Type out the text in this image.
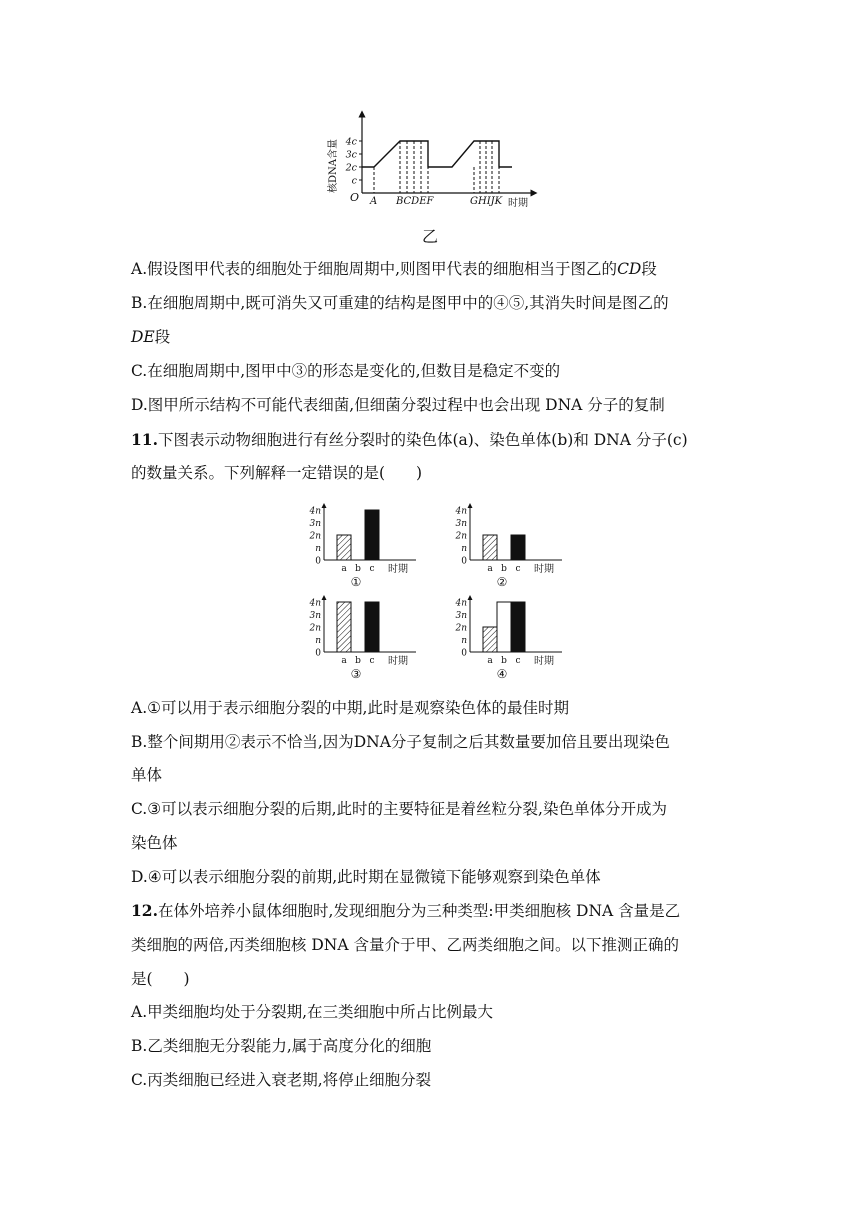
核DNA含量 4c
3c
2c
c
O A BCDEF	GHIJK 时期
乙
A.假设图甲代表的细胞处于细胞周期中,则图甲代表的细胞相当于图乙的CD段
B.在细胞周期中,既可消失又可重建的结构是图甲中的④⑤,其消失时间是图乙的
DE段
C.在细胞周期中,图甲中③的形态是变化的,但数目是稳定不变的
D.图甲所示结构不可能代表细菌,但细菌分裂过程中也会出现 DNA 分子的复制
11.下图表示动物细胞进行有丝分裂时的染色体(a)、染色单体(b)和 DNA 分子(c)
的数量关系。下列解释一定错误的是(　　)
4n
3n
2n
n
0
a b c 时期
①
4n
3n
2n
n
0
a b c 时期
②
4n
3n
2n
n
0
a b c 时期
③
4n
3n
2n
n
0
a b c 时期
④
A.①可以用于表示细胞分裂的中期,此时是观察染色体的最佳时期
B.整个间期用②表示不恰当,因为DNA分子复制之后其数量要加倍且要出现染色
单体
C.③可以表示细胞分裂的后期,此时的主要特征是着丝粒分裂,染色单体分开成为
染色体
D.④可以表示细胞分裂的前期,此时期在显微镜下能够观察到染色单体
12.在体外培养小鼠体细胞时,发现细胞分为三种类型:甲类细胞核 DNA 含量是乙
类细胞的两倍,丙类细胞核 DNA 含量介于甲、乙两类细胞之间。以下推测正确的
是(　　)
A.甲类细胞均处于分裂期,在三类细胞中所占比例最大
B.乙类细胞无分裂能力,属于高度分化的细胞
C.丙类细胞已经进入衰老期,将停止细胞分裂
